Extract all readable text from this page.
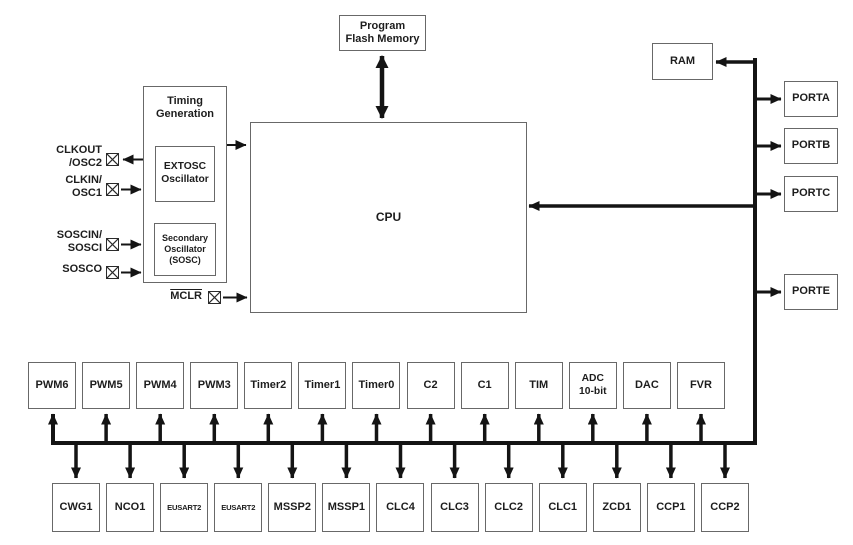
Program
Flash Memory
CPU
RAM
Timing
Generation
EXTOSC
Oscillator
Secondary
Oscillator
(SOSC)
PORTA
PORTB
PORTC
PORTE
CLKOUT
/OSC2
CLKIN/
OSC1
SOSCIN/
SOSCI
SOSCO
MCLR
PWM6	PWM5	PWM4	PWM3	Timer2	Timer1	Timer0	C2	C1	TIM
ADC
10-bit
DAC	FVR
CWG1	NCO1	EUSART2	EUSART2	MSSP2	MSSP1	CLC4	CLC3	CLC2	CLC1	ZCD1	CCP1	CCP2
